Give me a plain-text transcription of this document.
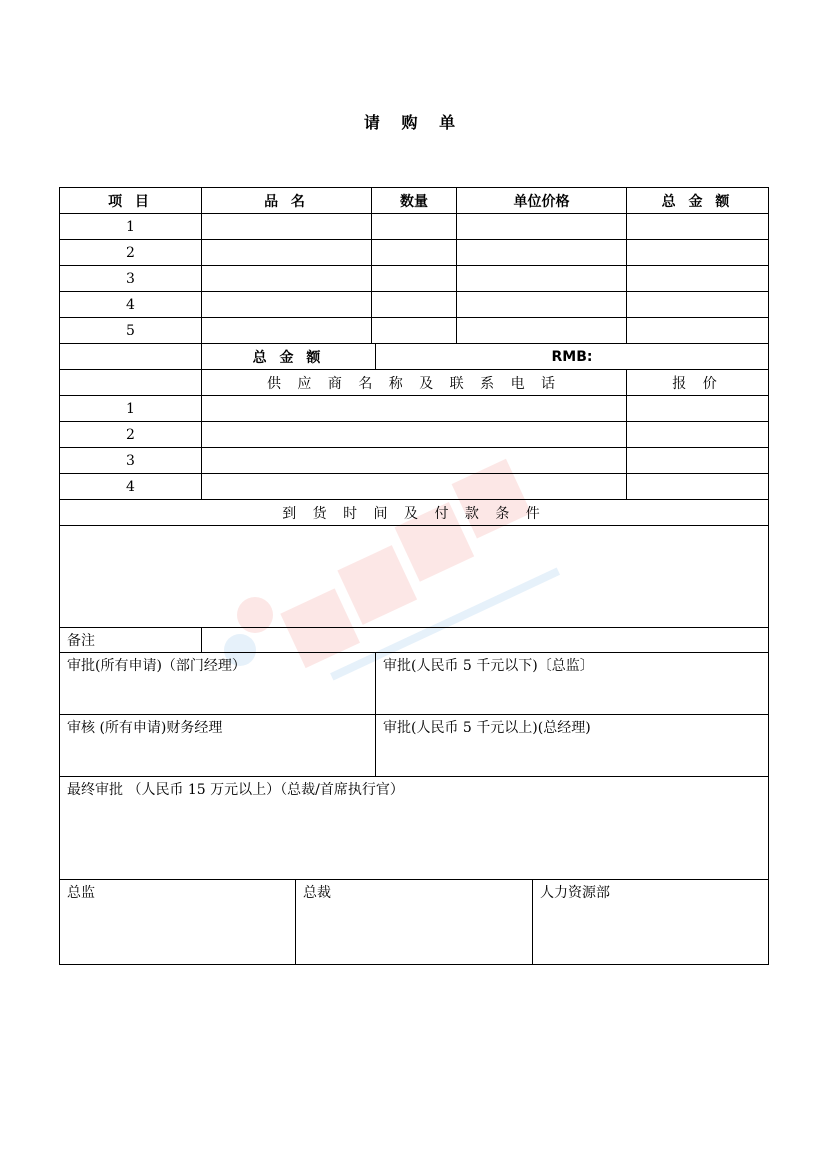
请 购 单
项 目	品 名	数量		单位价格	总 金 额
1					
2					
3					
4					
5					
	总 金 额		RMB:		
	供 应 商 名 称 及 联 系 电 话				报 价
1					
2					
3					
4					
到 货 时 间 及 付 款 条 件					

备注					
审批(所有申请)（部门经理）			审批(人民币 5 千元以下)〔总监〕		
审核 (所有申请)财务经理			审批(人民币 5 千元以上)(总经理)		
最终审批 （人民币 15 万元以上）（总裁/首席执行官）					

总监 总裁 人力资源部					
